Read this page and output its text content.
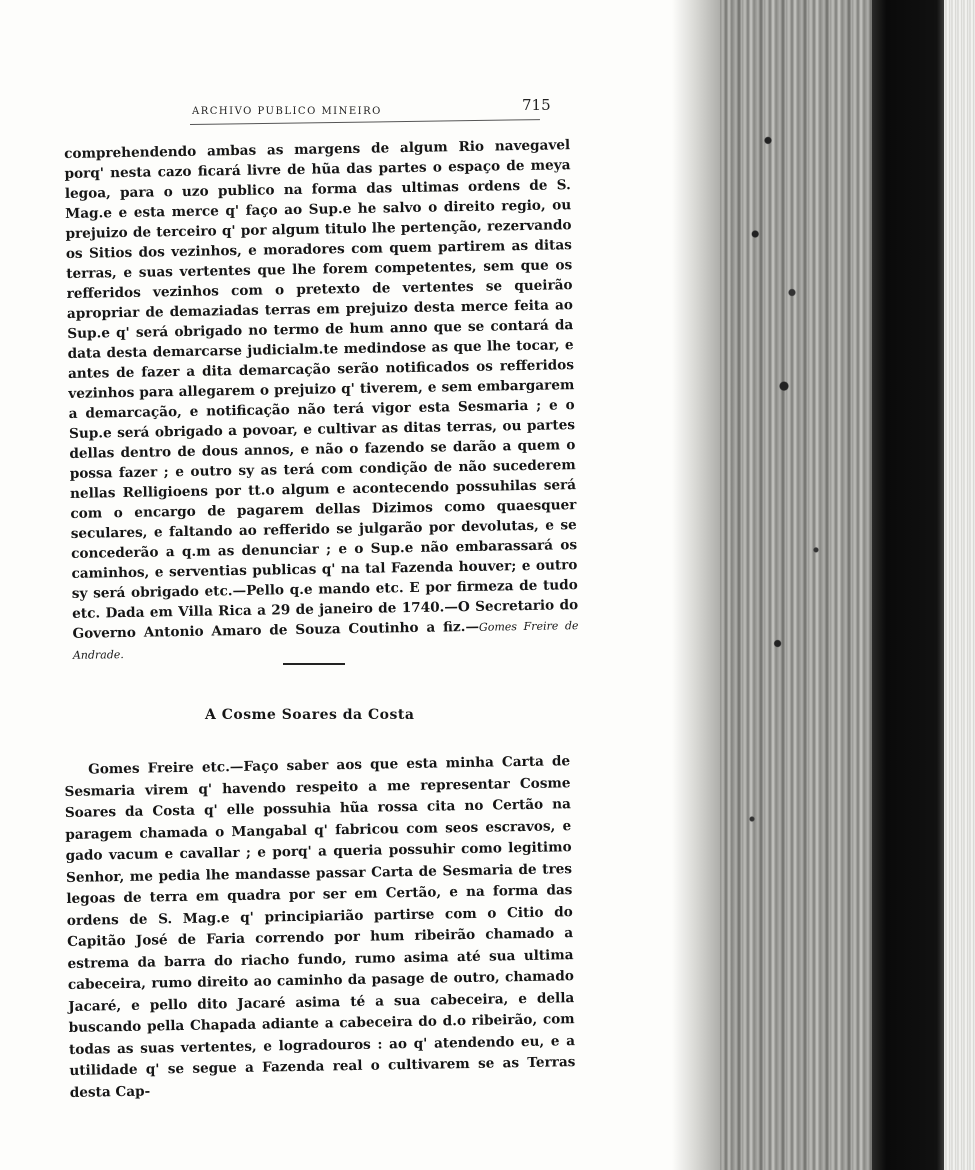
ARCHIVO PUBLICO MINEIRO	715
comprehendendo ambas as margens de algum Rio navegavel porq' nesta cazo ficará livre de hũa das partes o espaço de meya legoa, para o uzo publico na forma das ultimas ordens de S. Mag.e e esta merce q' faço ao Sup.e he salvo o direito regio, ou prejuizo de terceiro q' por algum titulo lhe pertenção, rezervando os Sitios dos vezinhos, e moradores com quem partirem as ditas terras, e suas vertentes que lhe forem competentes, sem que os refferidos vezinhos com o pretexto de vertentes se queirão apropriar de demaziadas terras em prejuizo desta merce feita ao Sup.e q' será obrigado no termo de hum anno que se contará da data desta demarcarse judicialm.te medindose as que lhe tocar, e antes de fazer a dita demarcação serão notificados os refferidos vezinhos para allegarem o prejuizo q' tiverem, e sem embargarem a demarcação, e notificação não terá vigor esta Sesmaria ; e o Sup.e será obrigado a povoar, e cultivar as ditas terras, ou partes dellas dentro de dous annos, e não o fazendo se darão a quem o possa fazer ; e outro sy as terá com condição de não sucederem nellas Relligioens por tt.o algum e acontecendo possuhilas será com o encargo de pagarem dellas Dizimos como quaesquer seculares, e faltando ao refferido se julgarão por devolutas, e se concederão a q.m as denunciar ; e o Sup.e não embarassará os caminhos, e serventias publicas q' na tal Fazenda houver; e outro sy será obrigado etc.—Pello q.e mando etc. E por firmeza de tudo etc. Dada em Villa Rica a 29 de janeiro de 1740.—O Secretario do Governo Antonio Amaro de Souza Coutinho a fiz.—Gomes Freire de Andrade.
A Cosme Soares da Costa
Gomes Freire etc.—Faço saber aos que esta minha Carta de Sesmaria virem q' havendo respeito a me representar Cosme Soares da Costa q' elle possuhia hũa rossa cita no Certão na paragem chamada o Mangabal q' fabricou com seos escravos, e gado vacum e cavallar ; e porq' a queria possuhir como legitimo Senhor, me pedia lhe mandasse passar Carta de Sesmaria de tres legoas de terra em quadra por ser em Certão, e na forma das ordens de S. Mag.e q' principiarião partirse com o Citio do Capitão José de Faria correndo por hum ribeirão chamado a estrema da barra do riacho fundo, rumo asima até sua ultima cabeceira, rumo direito ao caminho da pasage de outro, chamado Jacaré, e pello dito Jacaré asima té a sua cabeceira, e della buscando pella Chapada adiante a cabeceira do d.o ribeirão, com todas as suas vertentes, e logradouros : ao q' atendendo eu, e a utilidade q' se segue a Fazenda real o cultivarem se as Terras desta Cap-
